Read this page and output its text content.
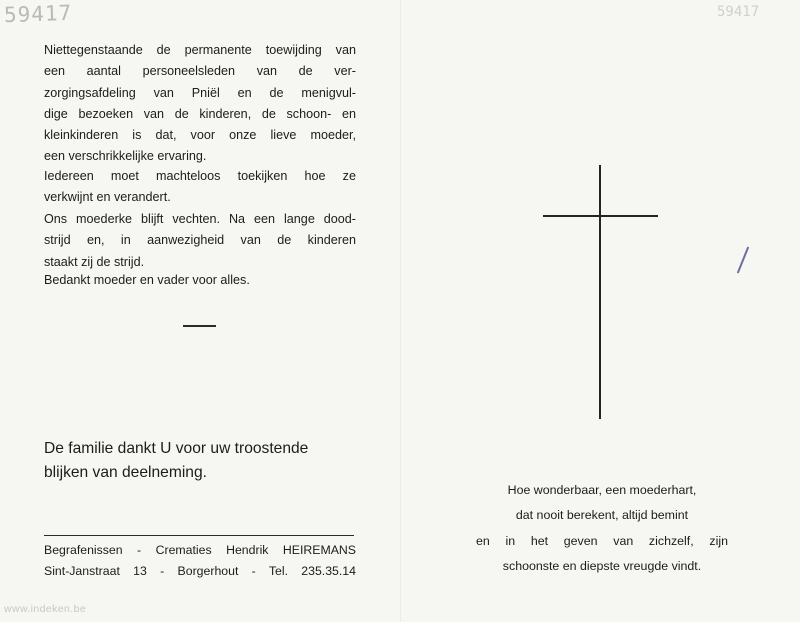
59417	59417
Niettegenstaande de permanente toewijding van
een aantal personeelsleden van de ver-
zorgingsafdeling van Pniël en de menigvul-
dige bezoeken van de kinderen, de schoon- en
kleinkinderen is dat, voor onze lieve moeder,
een verschrikkelijke ervaring.
Iedereen moet machteloos toekijken hoe ze
verkwijnt en verandert.
Ons moederke blijft vechten. Na een lange dood-
strijd en, in aanwezigheid van de kinderen
staakt zij de strijd.
Bedankt moeder en vader voor alles.
De familie dankt U voor uw troostende
blijken van deelneming.
Begrafenissen - Crematies Hendrik HEIREMANS
Sint-Janstraat 13 - Borgerhout - Tel. 235.35.14
Hoe wonderbaar, een moederhart,
dat nooit berekent, altijd bemint
en in het geven van zichzelf, zijn
schoonste en diepste vreugde vindt.
www.indeken.be
